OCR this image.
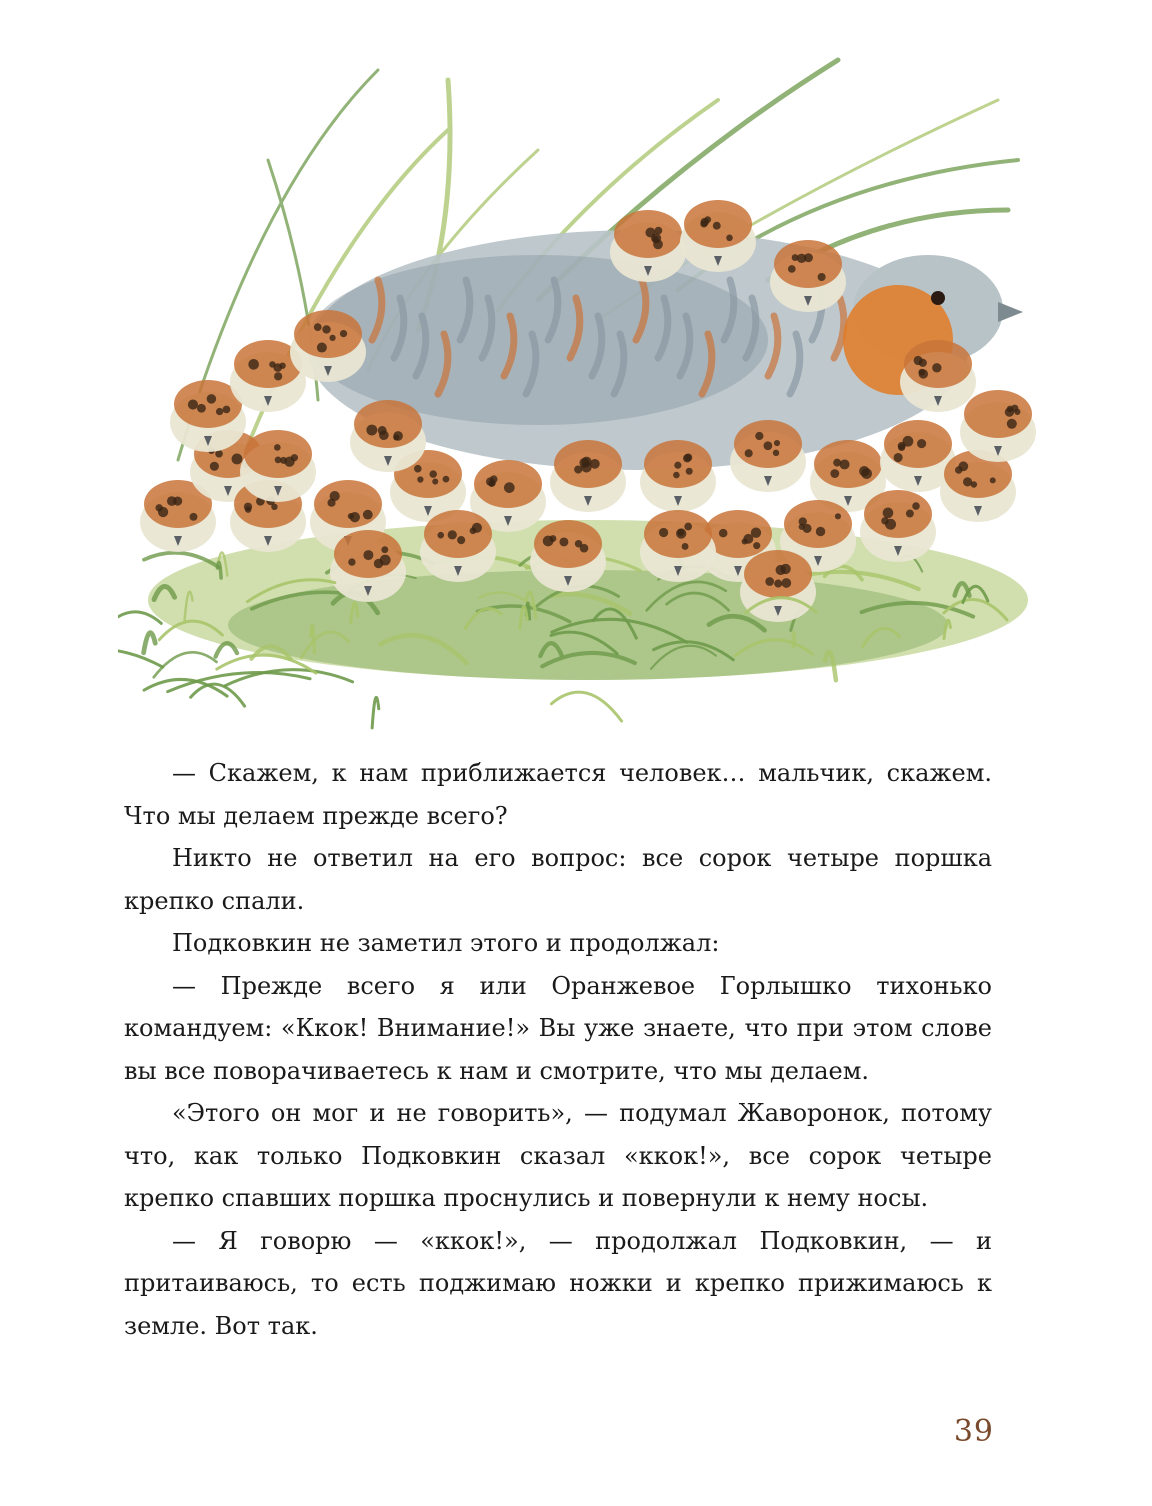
— Скажем, к нам приближается человек… мальчик, скажем. Что мы делаем прежде всего?

Никто не ответил на его вопрос: все сорок четыре поршка крепко спали.

Подковкин не заметил этого и продолжал:

— Прежде всего я или Оранжевое Горлышко тихонько командуем: «Ккок! Внимание!» Вы уже знаете, что при этом слове вы все поворачиваетесь к нам и смотрите, что мы делаем.

«Этого он мог и не говорить», — подумал Жаворонок, потому что, как только Подковкин сказал «ккок!», все сорок четыре крепко спавших поршка проснулись и повернули к нему носы.

— Я говорю — «ккок!», — продолжал Подковкин, — и притаиваюсь, то есть поджимаю ножки и крепко прижимаюсь к земле. Вот так.

39
